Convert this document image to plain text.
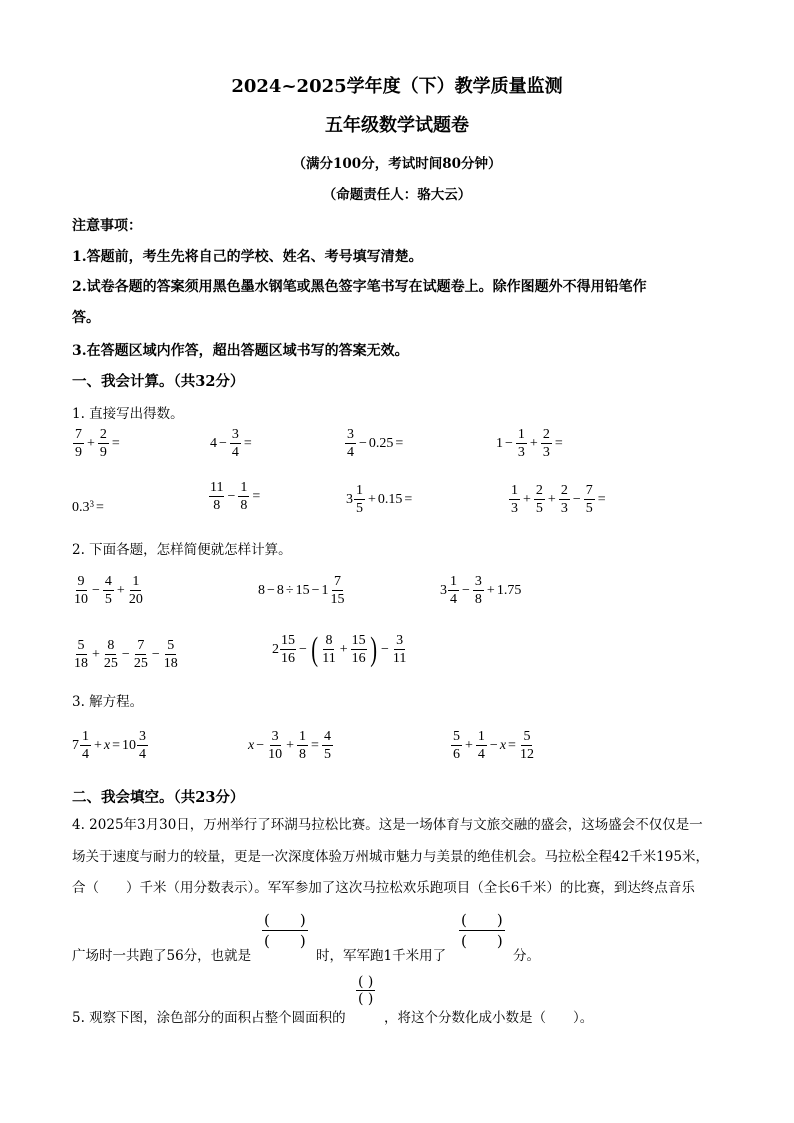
2024~2025学年度（下）教学质量监测
五年级数学试题卷
（满分100分，考试时间80分钟）
（命题责任人：骆大云）
注意事项：
1.答题前，考生先将自己的学校、姓名、考号填写清楚。
2.试卷各题的答案须用黑色墨水钢笔或黑色签字笔书写在试题卷上。除作图题外不得用铅笔作
答。
3.在答题区域内作答，超出答题区域书写的答案无效。
一、我会计算。（共32分）
1. 直接写出得数。
$\frac{7}{9} + \frac{2}{9}$ =	$4 - \frac{3}{4}$ =	$\frac{3}{4} - 0.25$ =	$1 - \frac{1}{3} + \frac{2}{3}$ =
$0.3^3$ =	$\frac{11}{8} - \frac{1}{8}$ =	$3 \frac{1}{5} + 0.15$ =	$\frac{1}{3} + \frac{2}{5} + \frac{2}{3} - \frac{7}{5}$ =
2. 下面各题，怎样简便就怎样计算。
$\frac{9}{10} - \frac{4}{5} + \frac{1}{20}$	$8 - 8 \div 15 - 1 \frac{7}{15}$	$3 \frac{1}{4} - \frac{3}{8} + 1.75$
$\frac{5}{18} + \frac{8}{25} - \frac{7}{25} - \frac{5}{18}$	$2 \frac{15}{16}$ − ( $\frac{8}{11} + \frac{15}{16}$ ) − $\frac{3}{11}$
3. 解方程。
$7 \frac{1}{4} + x = 10 \frac{3}{4}$	$x - \frac{3}{10} + \frac{1}{8} = \frac{4}{5}$	$\frac{5}{6} + \frac{1}{4} - x = \frac{5}{12}$
二、我会填空。（共23分）
4. 2025年3月30日，万州举行了环湖马拉松比赛。这是一场体育与文旅交融的盛会，这场盛会不仅仅是一
场关于速度与耐力的较量，更是一次深度体验万州城市魅力与美景的绝佳机会。马拉松全程42千米195米，
合（　　）千米（用分数表示）。军军参加了这次马拉松欢乐跑项目（全长6千米）的比赛，到达终点音乐
广场时一共跑了56分，也就是
(　　)
(　　)
时，军军跑1千米用了
(　　)
(　　)
分。
5. 观察下图，涂色部分的面积占整个圆面积的
( )
( )
，将这个分数化成小数是（　　）。
